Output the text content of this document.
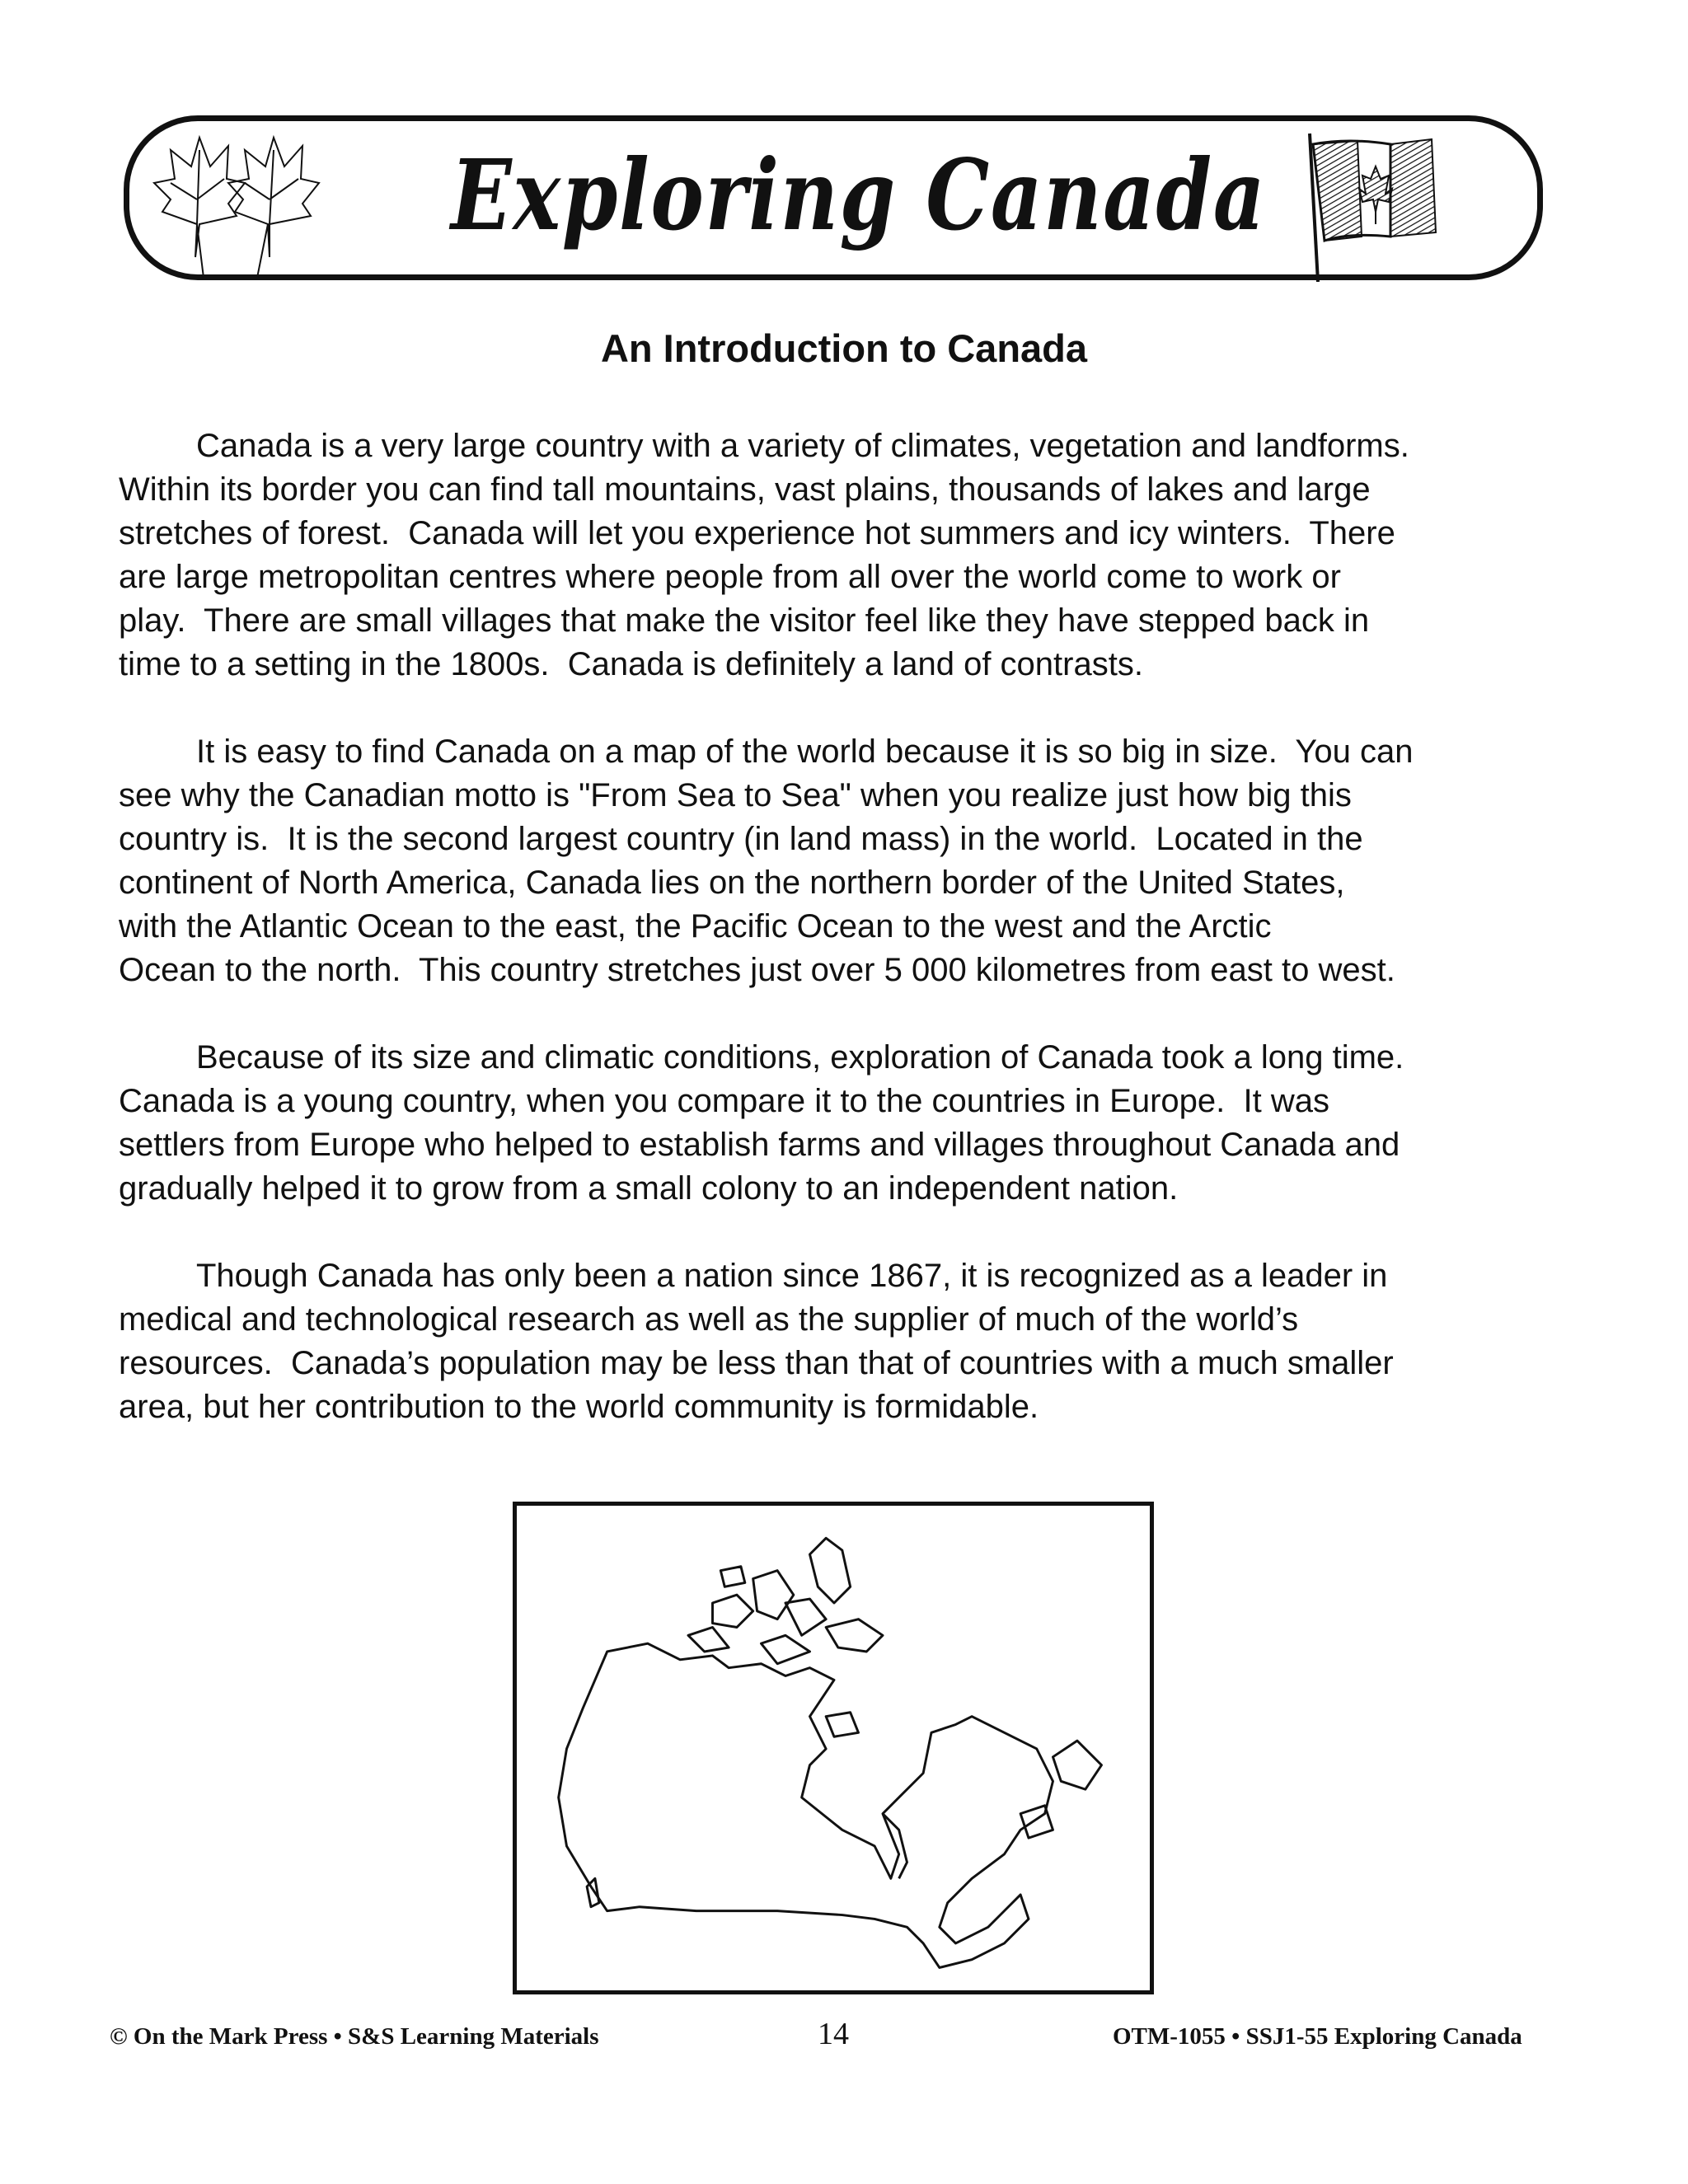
Exploring Canada
An Introduction to Canada
Canada is a very large country with a variety of climates, vegetation and landforms.
Within its border you can find tall mountains, vast plains, thousands of lakes and large
stretches of forest.  Canada will let you experience hot summers and icy winters.  There
are large metropolitan centres where people from all over the world come to work or
play.  There are small villages that make the visitor feel like they have stepped back in
time to a setting in the 1800s.  Canada is definitely a land of contrasts.
It is easy to find Canada on a map of the world because it is so big in size.  You can
see why the Canadian motto is "From Sea to Sea" when you realize just how big this
country is.  It is the second largest country (in land mass) in the world.  Located in the
continent of North America, Canada lies on the northern border of the United States,
with the Atlantic Ocean to the east, the Pacific Ocean to the west and the Arctic
Ocean to the north.  This country stretches just over 5 000 kilometres from east to west.
Because of its size and climatic conditions, exploration of Canada took a long time.
Canada is a young country, when you compare it to the countries in Europe.  It was
settlers from Europe who helped to establish farms and villages throughout Canada and
gradually helped it to grow from a small colony to an independent nation.
Though Canada has only been a nation since 1867, it is recognized as a leader in
medical and technological research as well as the supplier of much of the world’s
resources.  Canada’s population may be less than that of countries with a much smaller
area, but her contribution to the world community is formidable.
© On the Mark Press • S&S Learning Materials	14	OTM-1055 • SSJ1-55 Exploring Canada
